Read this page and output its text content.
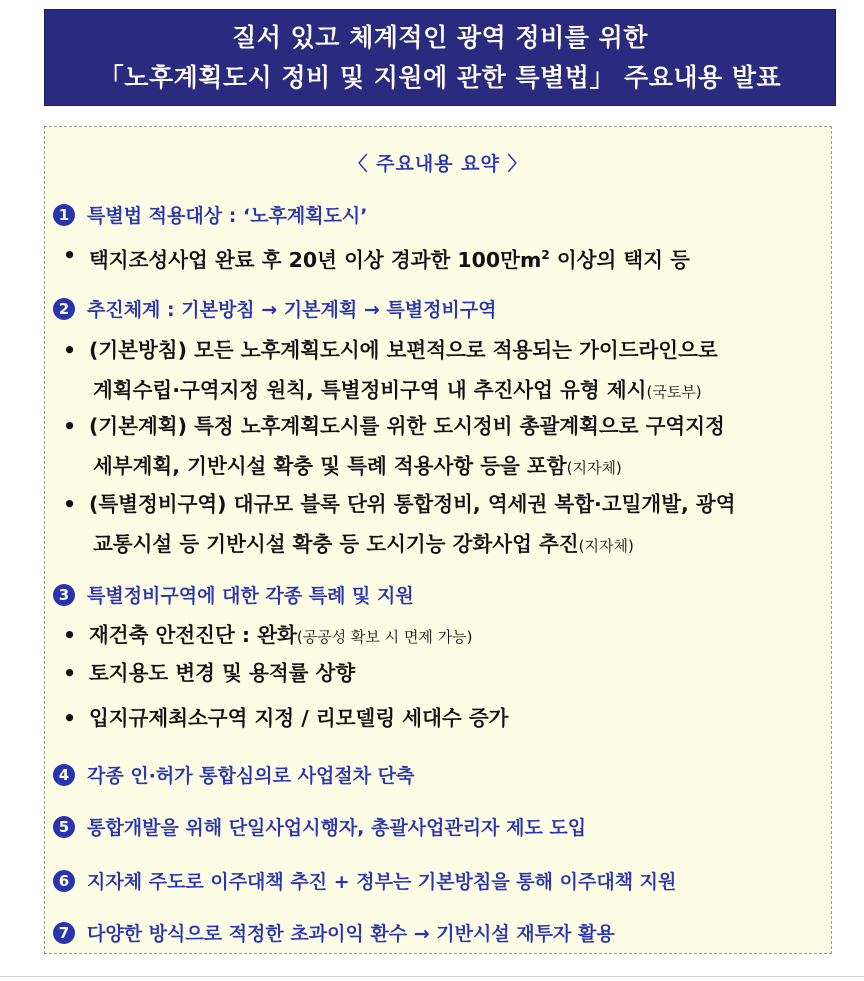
질서 있고 체계적인 광역 정비를 위한
「노후계획도시 정비 및 지원에 관한 특별법」 주요내용 발표
〈 주요내용 요약 〉
1 특별법 적용대상 : ‘노후계획도시’
• 택지조성사업 완료 후 20년 이상 경과한 100만$m^2$ 이상의 택지 등
2 추진체계 : 기본방침 → 기본계획 → 특별정비구역
• (기본방침) 모든 노후계획도시에 보편적으로 적용되는 가이드라인으로
계획수립·구역지정 원칙, 특별정비구역 내 추진사업 유형 제시(국토부)
• (기본계획) 특정 노후계획도시를 위한 도시정비 총괄계획으로 구역지정
세부계획, 기반시설 확충 및 특례 적용사항 등을 포함(지자체)
• (특별정비구역) 대규모 블록 단위 통합정비, 역세권 복합·고밀개발, 광역
교통시설 등 기반시설 확충 등 도시기능 강화사업 추진(지자체)
3 특별정비구역에 대한 각종 특례 및 지원
• 재건축 안전진단 : 완화(공공성 확보 시 면제 가능)
• 토지용도 변경 및 용적률 상향
• 입지규제최소구역 지정 / 리모델링 세대수 증가
4 각종 인·허가 통합심의로 사업절차 단축
5 통합개발을 위해 단일사업시행자, 총괄사업관리자 제도 도입
6 지자체 주도로 이주대책 추진 + 정부는 기본방침을 통해 이주대책 지원
7 다양한 방식으로 적정한 초과이익 환수 → 기반시설 재투자 활용
